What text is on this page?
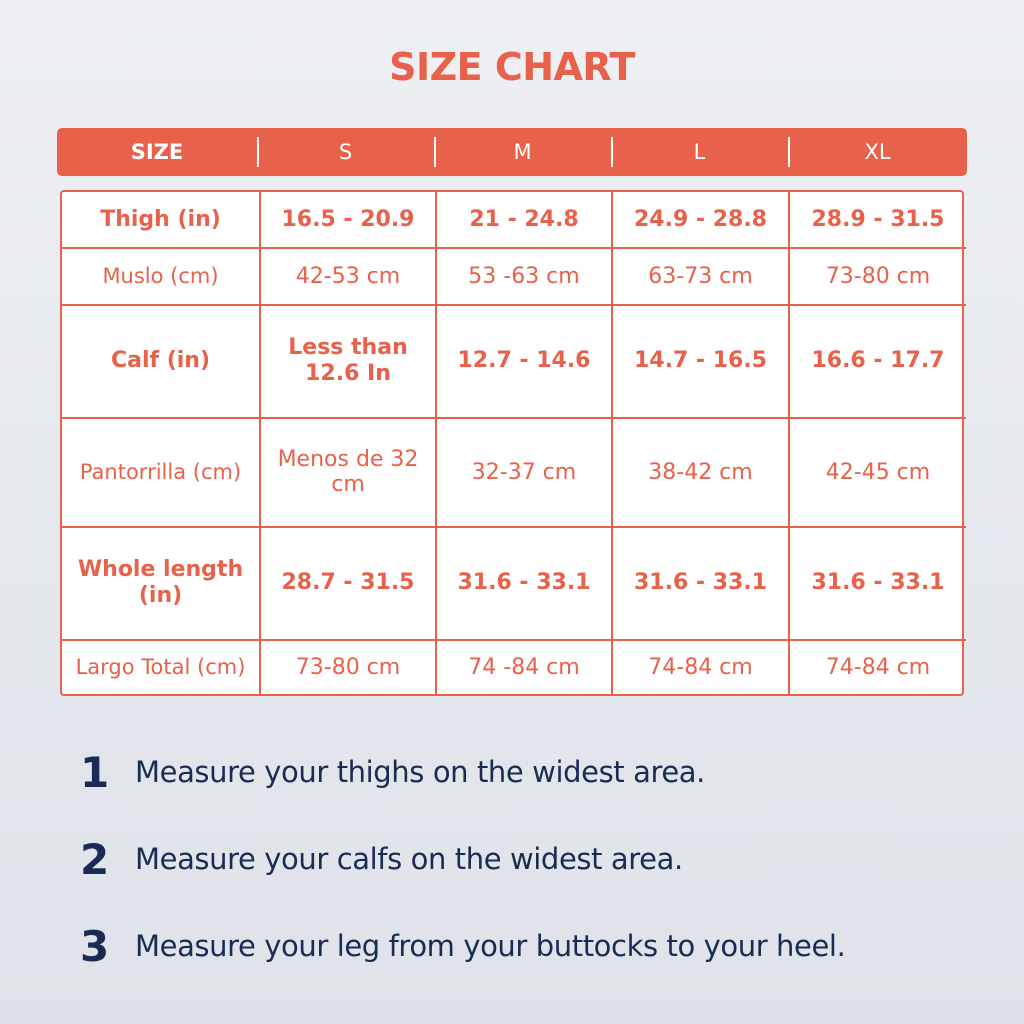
SIZE CHART
SIZE	S	M	L	XL
Thigh (in)	16.5 - 20.9	21 - 24.8	24.9 - 28.8	28.9 - 31.5
Muslo (cm)	42-53 cm	53 -63 cm	63-73 cm	73-80 cm
Calf (in)	Less than 12.6 In	12.7 - 14.6	14.7 - 16.5	16.6 - 17.7
Pantorrilla (cm)	Menos de 32 cm	32-37 cm	38-42 cm	42-45 cm
Whole length (in)	28.7 - 31.5	31.6 - 33.1	31.6 - 33.1	31.6 - 33.1
Largo Total (cm)	73-80 cm	74 -84 cm	74-84 cm	74-84 cm
1 Measure your thighs on the widest area.
2 Measure your calfs on the widest area.
3 Measure your leg from your buttocks to your heel.
